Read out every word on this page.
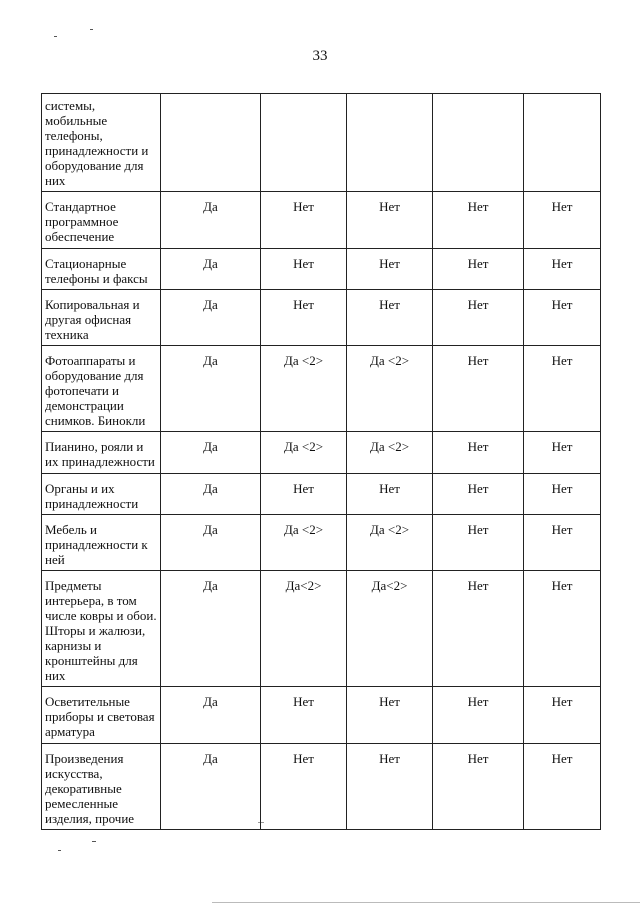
33
системы, мобильные телефоны, принадлежности и оборудование для них					
Стандартное программное обеспечение	Да	Нет	Нет	Нет	Нет
Стационарные телефоны и факсы	Да	Нет	Нет	Нет	Нет
Копировальная и другая офисная техника	Да	Нет	Нет	Нет	Нет
Фотоаппараты и оборудование для фотопечати и демонстрации снимков. Бинокли	Да	Да <2>	Да <2>	Нет	Нет
Пианино, рояли и их принадлежности	Да	Да <2>	Да <2>	Нет	Нет
Органы и их принадлежности	Да	Нет	Нет	Нет	Нет
Мебель и принадлежности к ней	Да	Да <2>	Да <2>	Нет	Нет
Предметы интерьера, в том числе ковры и обои. Шторы и жалюзи, карнизы и кронштейны для них	Да	Да<2>	Да<2>	Нет	Нет
Осветительные приборы и световая арматура	Да	Нет	Нет	Нет	Нет
Произведения искусства, декоративные ремесленные изделия, прочие	Да	Нет	Нет	Нет	Нет
